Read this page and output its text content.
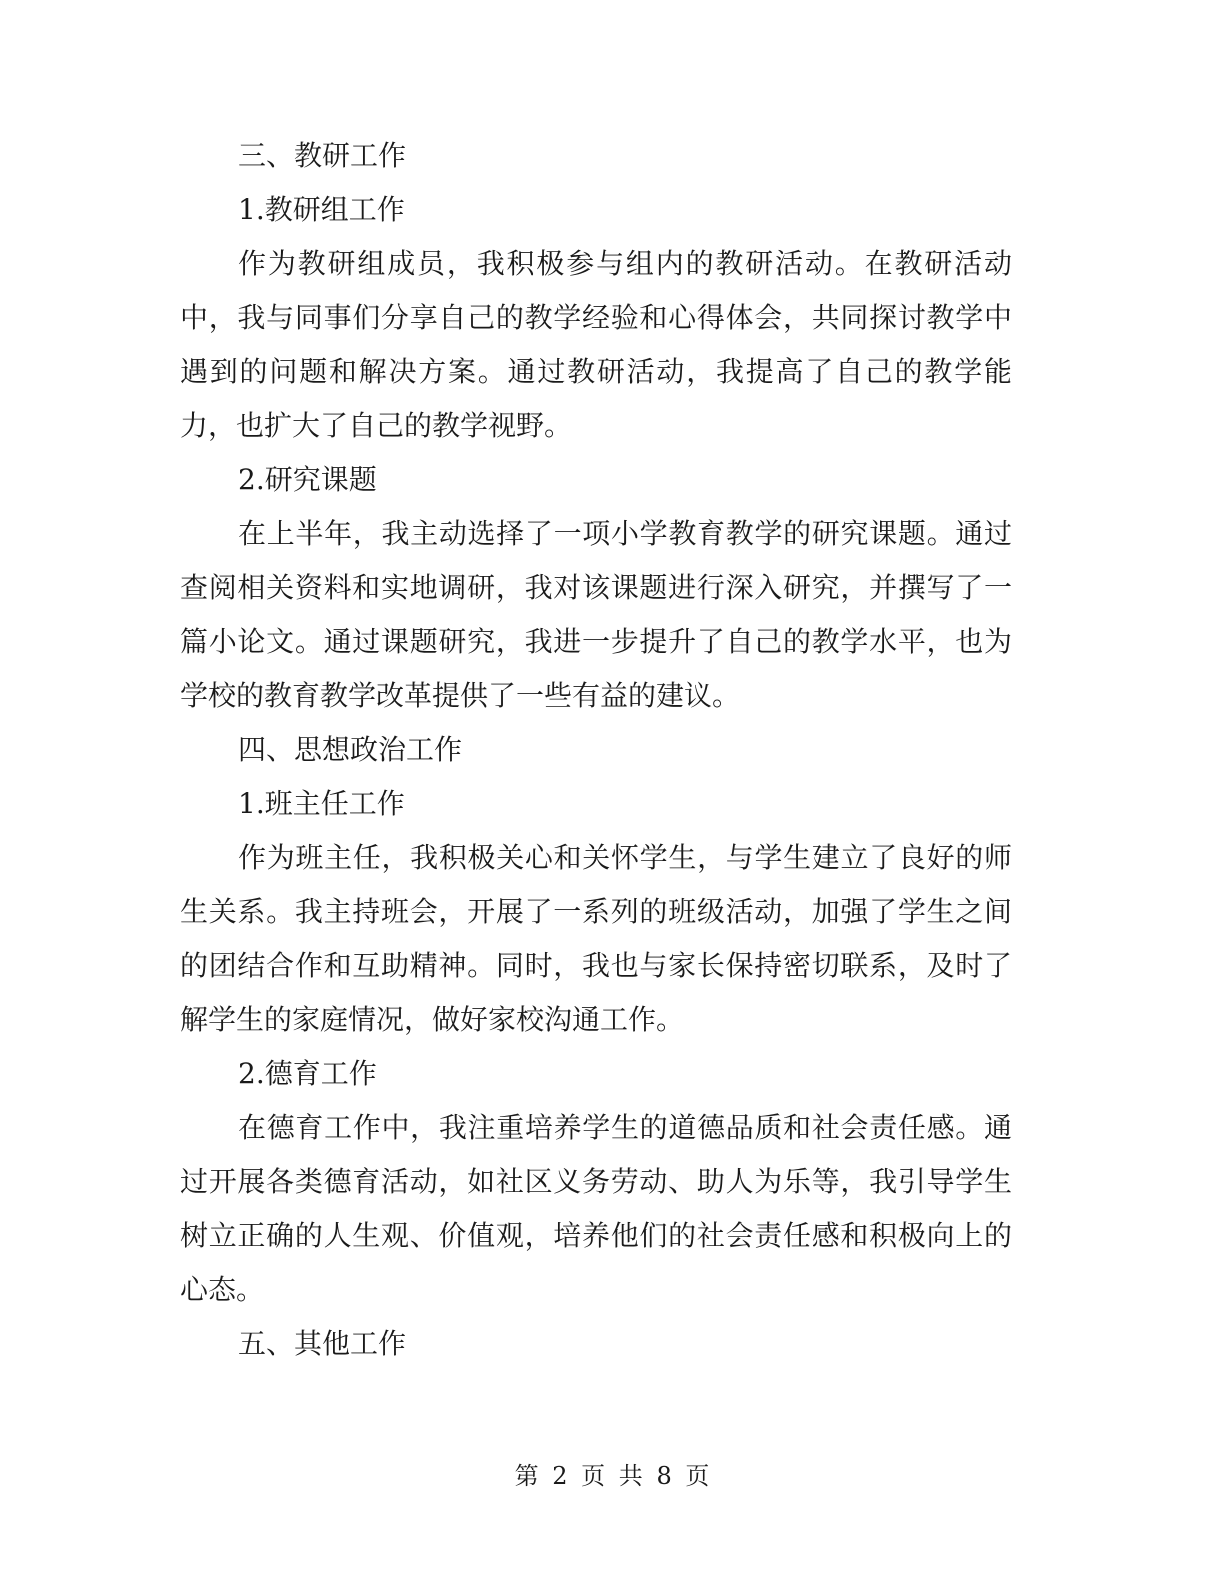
三、教研工作

1.教研组工作

作为教研组成员，我积极参与组内的教研活动。在教研活动中，我与同事们分享自己的教学经验和心得体会，共同探讨教学中遇到的问题和解决方案。通过教研活动，我提高了自己的教学能力，也扩大了自己的教学视野。

2.研究课题

在上半年，我主动选择了一项小学教育教学的研究课题。通过查阅相关资料和实地调研，我对该课题进行深入研究，并撰写了一篇小论文。通过课题研究，我进一步提升了自己的教学水平，也为学校的教育教学改革提供了一些有益的建议。

四、思想政治工作

1.班主任工作

作为班主任，我积极关心和关怀学生，与学生建立了良好的师生关系。我主持班会，开展了一系列的班级活动，加强了学生之间的团结合作和互助精神。同时，我也与家长保持密切联系，及时了解学生的家庭情况，做好家校沟通工作。

2.德育工作

在德育工作中，我注重培养学生的道德品质和社会责任感。通过开展各类德育活动，如社区义务劳动、助人为乐等，我引导学生树立正确的人生观、价值观，培养他们的社会责任感和积极向上的心态。

五、其他工作

第 2 页 共 8 页
